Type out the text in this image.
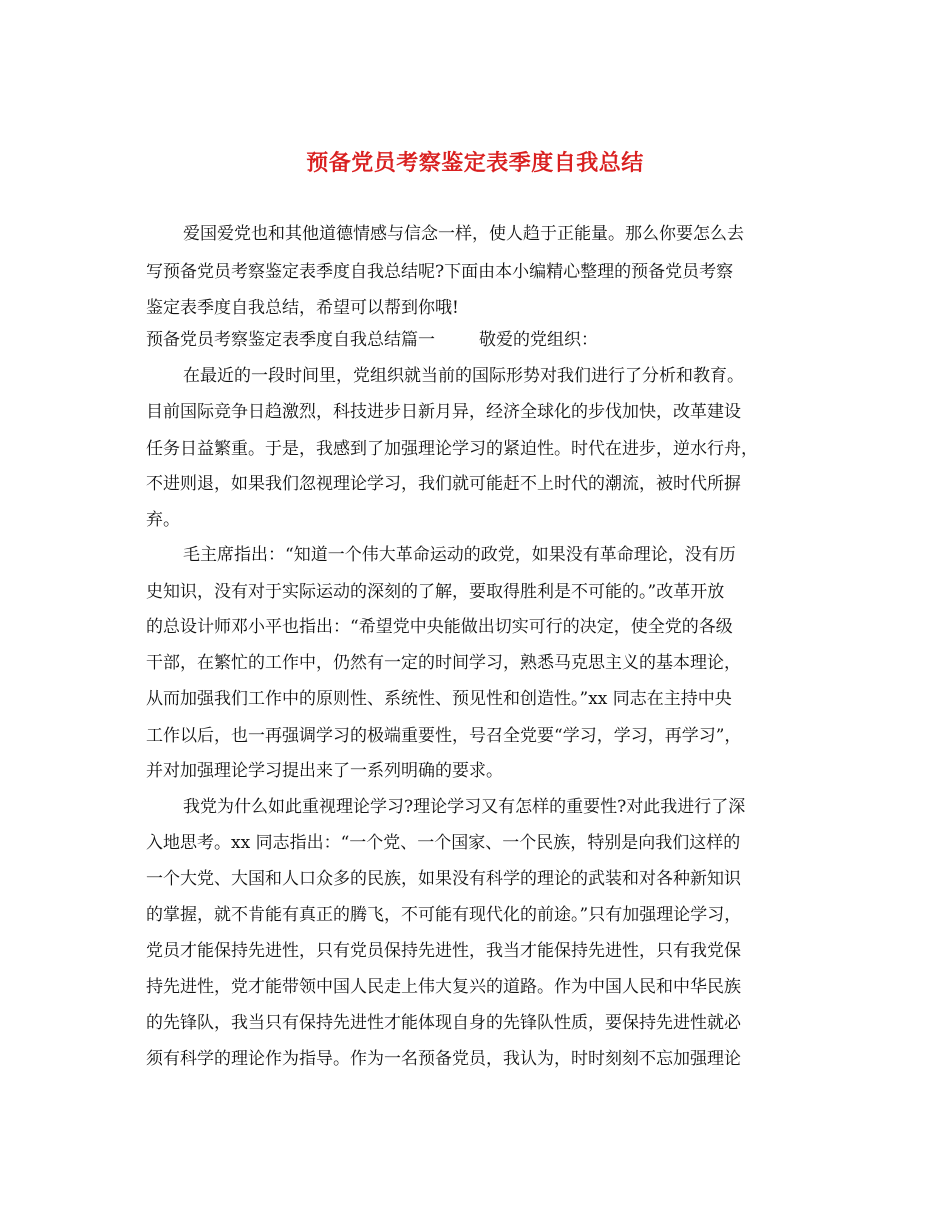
预备党员考察鉴定表季度自我总结
爱国爱党也和其他道德情感与信念一样，使人趋于正能量。那么你要怎么去
写预备党员考察鉴定表季度自我总结呢?下面由本小编精心整理的预备党员考察
鉴定表季度自我总结，希望可以帮到你哦!
预备党员考察鉴定表季度自我总结篇一	敬爱的党组织：
在最近的一段时间里，党组织就当前的国际形势对我们进行了分析和教育。
目前国际竞争日趋激烈，科技进步日新月异，经济全球化的步伐加快，改革建设
任务日益繁重。于是，我感到了加强理论学习的紧迫性。时代在进步，逆水行舟，
不进则退，如果我们忽视理论学习，我们就可能赶不上时代的潮流，被时代所摒
弃。
毛主席指出：“知道一个伟大革命运动的政党，如果没有革命理论，没有历
史知识，没有对于实际运动的深刻的了解，要取得胜利是不可能的。”改革开放
的总设计师邓小平也指出：“希望党中央能做出切实可行的决定，使全党的各级
干部，在繁忙的工作中，仍然有一定的时间学习，熟悉马克思主义的基本理论，
从而加强我们工作中的原则性、系统性、预见性和创造性。”xx 同志在主持中央
工作以后，也一再强调学习的极端重要性，号召全党要“学习，学习，再学习”，
并对加强理论学习提出来了一系列明确的要求。
我党为什么如此重视理论学习?理论学习又有怎样的重要性?对此我进行了深
入地思考。xx 同志指出：“一个党、一个国家、一个民族，特别是向我们这样的
一个大党、大国和人口众多的民族，如果没有科学的理论的武装和对各种新知识
的掌握，就不肯能有真正的腾飞，不可能有现代化的前途。”只有加强理论学习，
党员才能保持先进性，只有党员保持先进性，我当才能保持先进性，只有我党保
持先进性，党才能带领中国人民走上伟大复兴的道路。作为中国人民和中华民族
的先锋队，我当只有保持先进性才能体现自身的先锋队性质，要保持先进性就必
须有科学的理论作为指导。作为一名预备党员，我认为，时时刻刻不忘加强理论
